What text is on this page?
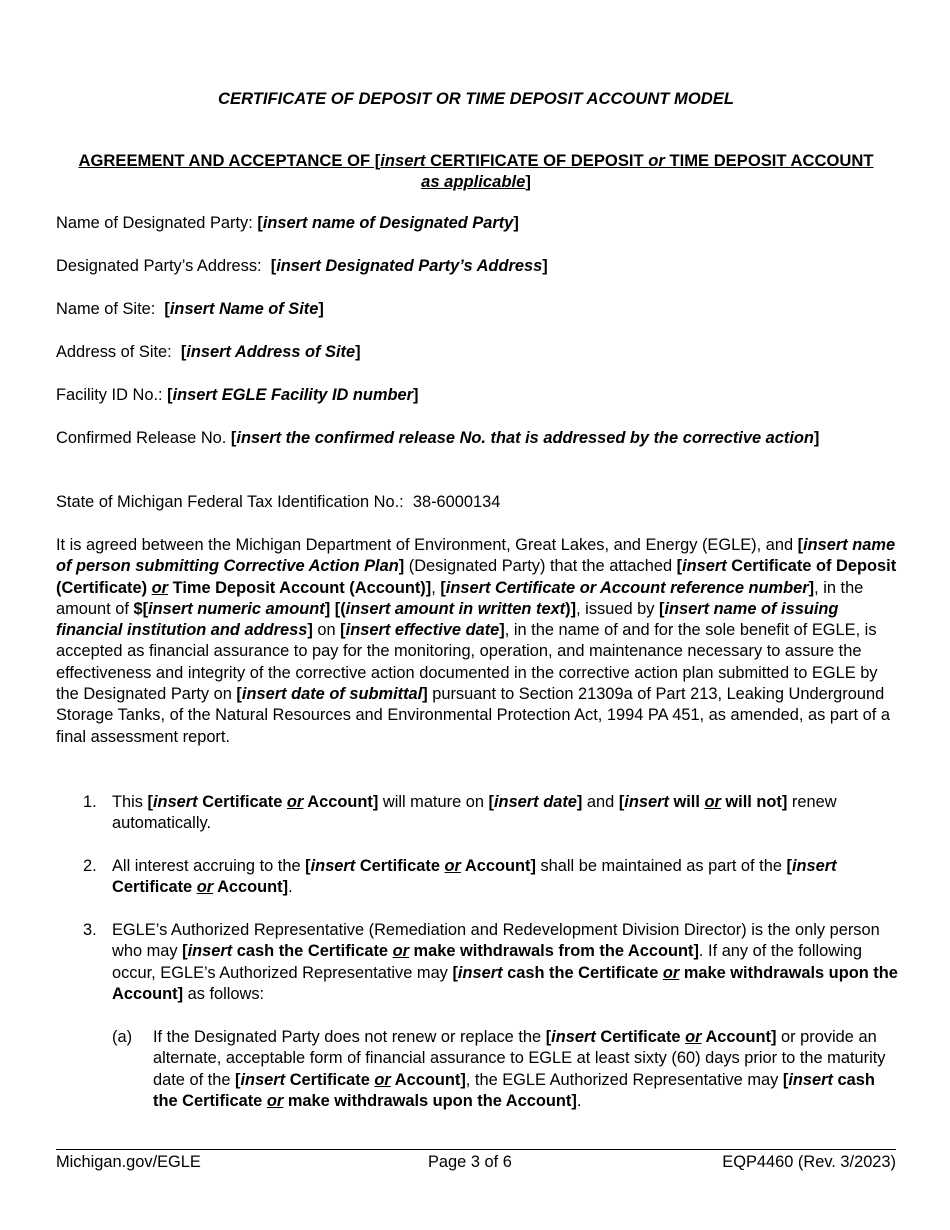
CERTIFICATE OF DEPOSIT OR TIME DEPOSIT ACCOUNT MODEL
AGREEMENT AND ACCEPTANCE OF [insert CERTIFICATE OF DEPOSIT or TIME DEPOSIT ACCOUNT as applicable]

Name of Designated Party: [insert name of Designated Party]
Designated Party’s Address:  [insert Designated Party’s Address]
Name of Site:  [insert Name of Site]
Address of Site:  [insert Address of Site]
Facility ID No.: [insert EGLE Facility ID number]
Confirmed Release No. [insert the confirmed release No. that is addressed by the corrective action]
State of Michigan Federal Tax Identification No.:  38-6000134
It is agreed between the Michigan Department of Environment, Great Lakes, and Energy (EGLE), and [insert name of person submitting Corrective Action Plan] (Designated Party) that the attached [insert Certificate of Deposit (Certificate) or Time Deposit Account (Account)], [insert Certificate or Account reference number], in the amount of $[insert numeric amount] [(insert amount in written text)], issued by [insert name of issuing financial institution and address] on [insert effective date], in the name of and for the sole benefit of EGLE, is accepted as financial assurance to pay for the monitoring, operation, and maintenance necessary to assure the effectiveness and integrity of the corrective action documented in the corrective action plan submitted to EGLE by the Designated Party on [insert date of submittal] pursuant to Section 21309a of Part 213, Leaking Underground Storage Tanks, of the Natural Resources and Environmental Protection Act, 1994 PA 451, as amended, as part of a final assessment report.
1. This [insert Certificate or Account] will mature on [insert date] and [insert will or will not] renew automatically.
2. All interest accruing to the [insert Certificate or Account] shall be maintained as part of the [insert Certificate or Account].
3. EGLE’s Authorized Representative (Remediation and Redevelopment Division Director) is the only person who may [insert cash the Certificate or make withdrawals from the Account]. If any of the following occur, EGLE’s Authorized Representative may [insert cash the Certificate or make withdrawals upon the Account] as follows:
(a)	If the Designated Party does not renew or replace the [insert Certificate or Account] or provide an alternate, acceptable form of financial assurance to EGLE at least sixty (60) days prior to the maturity date of the [insert Certificate or Account], the EGLE Authorized Representative may [insert cash the Certificate or make withdrawals upon the Account].
Michigan.gov/EGLE	Page 3 of 6	EQP4460 (Rev. 3/2023)
